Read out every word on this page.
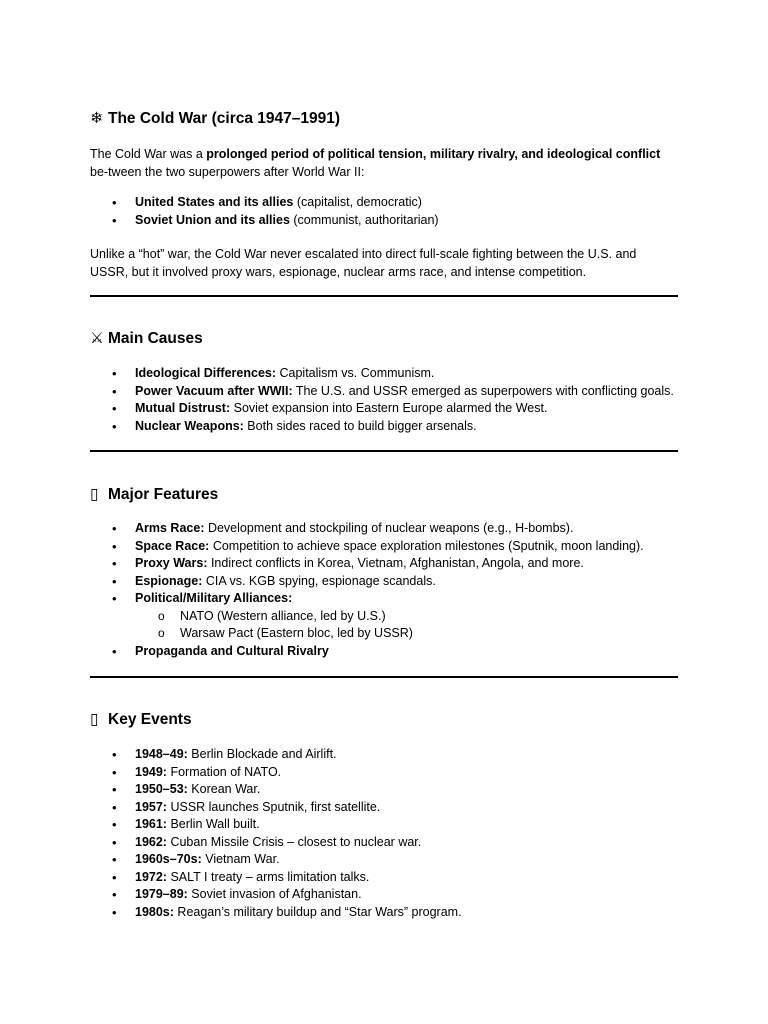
❄ The Cold War (circa 1947–1991)

The Cold War was a prolonged period of political tension, military rivalry, and ideological conflict be-tween the two superpowers after World War II:

• United States and its allies (capitalist, democratic)
• Soviet Union and its allies (communist, authoritarian)

Unlike a “hot” war, the Cold War never escalated into direct full-scale fighting between the U.S. and USSR, but it involved proxy wars, espionage, nuclear arms race, and intense competition.

⚔ Main Causes
• Ideological Differences: Capitalism vs. Communism.
• Power Vacuum after WWII: The U.S. and USSR emerged as superpowers with conflicting goals.
• Mutual Distrust: Soviet expansion into Eastern Europe alarmed the West.
• Nuclear Weapons: Both sides raced to build bigger arsenals.
▯ Major Features
• Arms Race: Development and stockpiling of nuclear weapons (e.g., H-bombs).
• Space Race: Competition to achieve space exploration milestones (Sputnik, moon landing).
• Proxy Wars: Indirect conflicts in Korea, Vietnam, Afghanistan, Angola, and more.
• Espionage: CIA vs. KGB spying, espionage scandals.
• Political/Military Alliances:
o NATO (Western alliance, led by U.S.)
o Warsaw Pact (Eastern bloc, led by USSR)
• Propaganda and Cultural Rivalry
▯ Key Events
• 1948–49: Berlin Blockade and Airlift.
• 1949: Formation of NATO.
• 1950–53: Korean War.
• 1957: USSR launches Sputnik, first satellite.
• 1961: Berlin Wall built.
• 1962: Cuban Missile Crisis – closest to nuclear war.
• 1960s–70s: Vietnam War.
• 1972: SALT I treaty – arms limitation talks.
• 1979–89: Soviet invasion of Afghanistan.
• 1980s: Reagan’s military buildup and “Star Wars” program.
